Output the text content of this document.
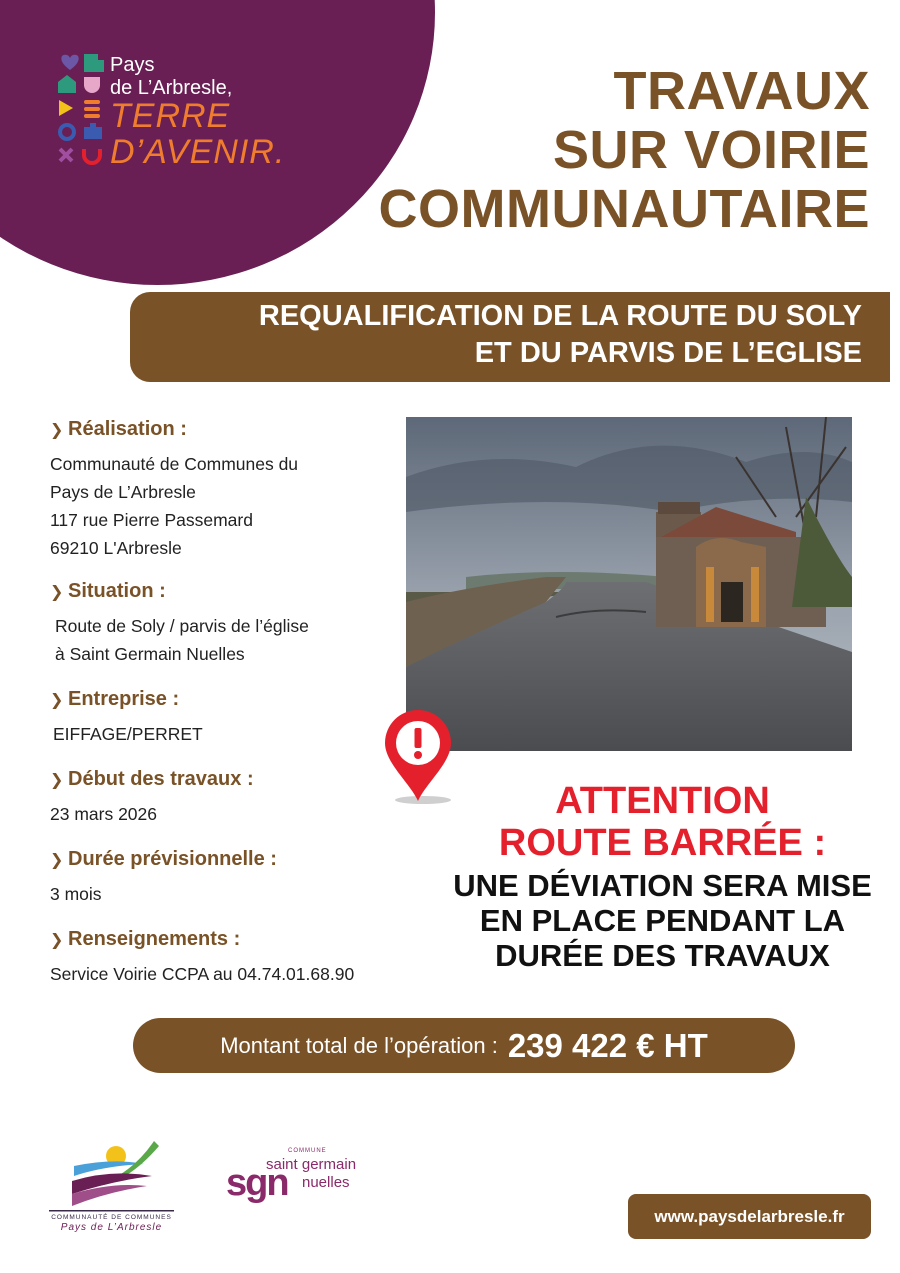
Pays
de L’Arbresle,
TERRE
D’AVENIR.
TRAVAUX
SUR VOIRIE
COMMUNAUTAIRE
REQUALIFICATION DE LA ROUTE DU SOLY
ET DU PARVIS DE L’EGLISE
❯ Réalisation :
Communauté de Communes du
Pays de L’Arbresle
117 rue Pierre Passemard
69210 L'Arbresle
❯ Situation :
Route de Soly / parvis de l’église
à Saint Germain Nuelles
❯ Entreprise :
EIFFAGE/PERRET
❯ Début des travaux :
23 mars 2026
❯ Durée prévisionnelle :
3 mois
❯ Renseignements :
Service Voirie CCPA au 04.74.01.68.90
ATTENTION
ROUTE BARRÉE :
UNE DÉVIATION SERA MISE
EN PLACE PENDANT LA
DURÉE DES TRAVAUX
Montant total de l’opération : 239 422 € HT
COMMUNAUTÉ DE COMMUNES
Pays de L’Arbresle
sgn
COMMUNE
saint germain
nuelles
www.paysdelarbresle.fr
